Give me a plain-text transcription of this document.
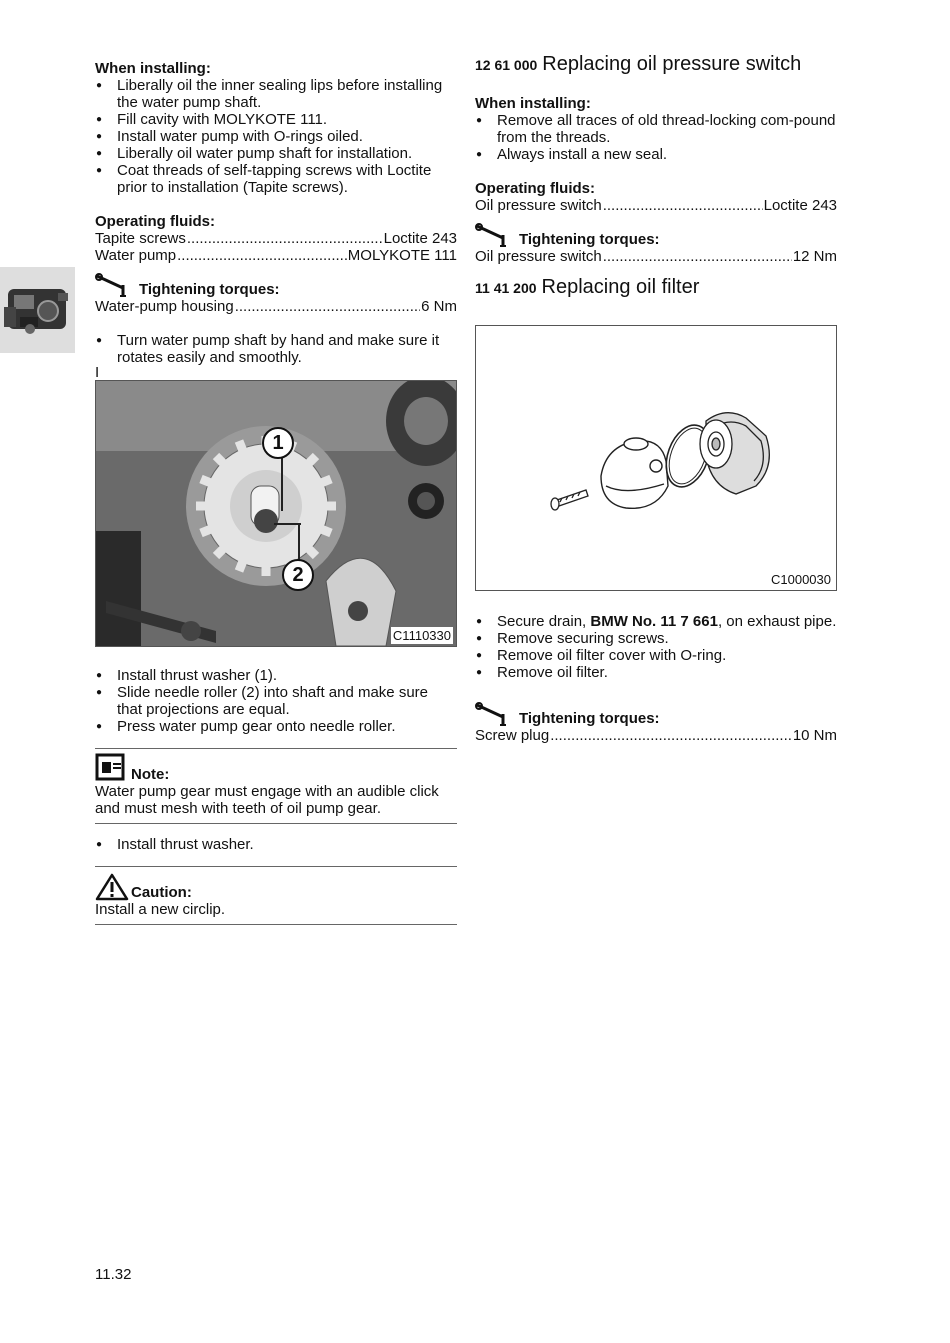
When installing:

● Liberally oil the inner sealing lips before installing the water pump shaft.
● Fill cavity with MOLYKOTE 111.
● Install water pump with O-rings oiled.
● Liberally oil water pump shaft for installation.
● Coat threads of self-tapping screws with Loctite prior to installation (Tapite screws).

Operating fluids:

Tapite screws .....	Loctite 243
Water pump .....	MOLYKOTE 111
Tightening torques:
Water-pump housing .....	6 Nm
● Turn water pump shaft by hand and make sure it rotates easily and smoothly.
I
1
2
C1110330
● Install thrust washer (1).
● Slide needle roller (2) into shaft and make sure that projections are equal.
● Press water pump gear onto needle roller.
Note:
Water pump gear must engage with an audible click and must mesh with teeth of oil pump gear.
● Install thrust washer.
Caution:
Install a new circlip.
12 61 000 Replacing oil pressure switch

When installing:

● Remove all traces of old thread-locking com-pound from the threads.
● Always install a new seal.

Operating fluids:

Oil pressure switch .....	Loctite 243
Tightening torques:
Oil pressure switch .....	12 Nm
11 41 200 Replacing oil filter
C1000030
● Secure drain, BMW No. 11 7 661, on exhaust pipe.
● Remove securing screws.
● Remove oil filter cover with O-ring.
● Remove oil filter.
Tightening torques:
Screw plug .....	10 Nm
11.32
